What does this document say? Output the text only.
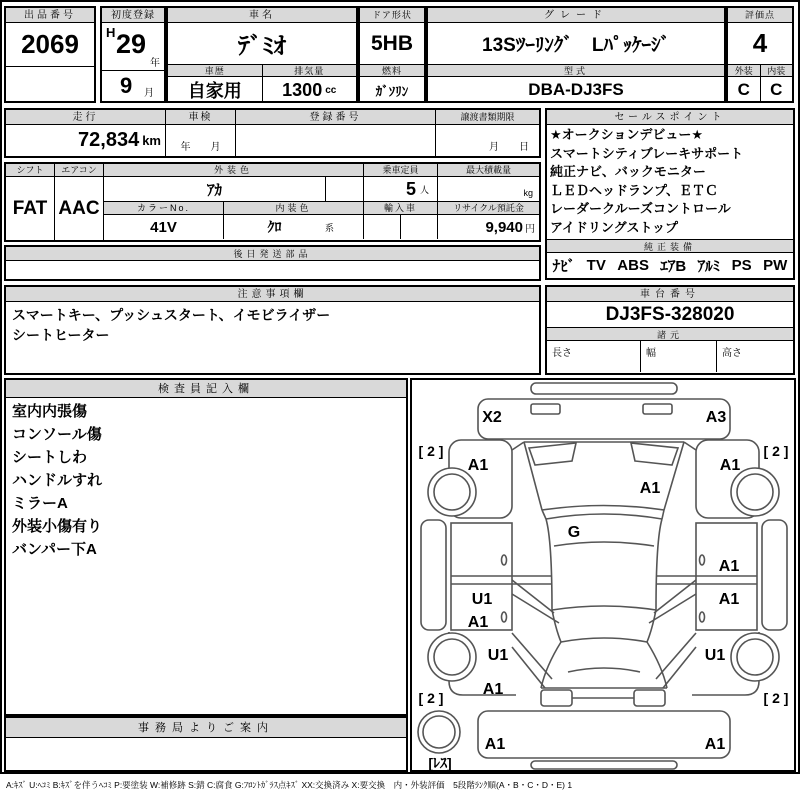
出品番号
2069
初度登録
H 29
年
9 月
車名
ﾃﾞﾐｵ
車歴	排気量
自家用	1300 cc
ドア形状
5HB
燃料
ｶﾞｿﾘﾝ
グレード
13Sﾂｰﾘﾝｸﾞ　Lﾊﾟｯｹｰｼﾞ
型式
DBA-DJ3FS
評価点
4
外装	内装
C	C
走行
72,834 km
車検
年　　月
登録番号	譲渡書類期限
月　　日
シフト
FAT
エアコン
AAC
外装色
ｱｶ
乗車定員
5 人
最大積載量
kg
カラーNo.
41V
内装色
ｸﾛ	系
輸入車	リサイクル預託金
9,940 円
後日発送部品
セールスポイント
★オークションデビュー★
スマートシティブレーキサポート
純正ナビ、バックモニター
ＬＥＤヘッドランプ、ＥＴＣ
レーダークルーズコントロール
アイドリングストップ
純正装備
ﾅﾋﾞ TV ABS ｴｱB ｱﾙﾐ PS PW
注意事項欄
スマートキー、プッシュスタート、イモビライザー
シートヒーター
車台番号
DJ3FS-328020
諸元
長さ	幅	高さ
検査員記入欄
室内内張傷
コンソール傷
シートしわ
ハンドルすれ
ミラーA
外装小傷有り
バンパー下A
事務局よりご案内
X2	A3
[ 2 ]	[ 2 ]
A1	A1
A1
G
A1
U1	A1
A1
U1	U1
A1
[ 2 ]	[ 2 ]
A1	A1
[ﾚｽ]
A:ｷｽﾞ U:ﾍｺﾐ B:ｷｽﾞを伴うﾍｺﾐ P:要塗装 W:補修跡 S:錆 C:腐食 G:ﾌﾛﾝﾄｶﾞﾗｽ点ｷｽﾞ XX:交換済み X:要交換　内・外装評価　5段階ﾗﾝｸ順(A・B・C・D・E) 1
